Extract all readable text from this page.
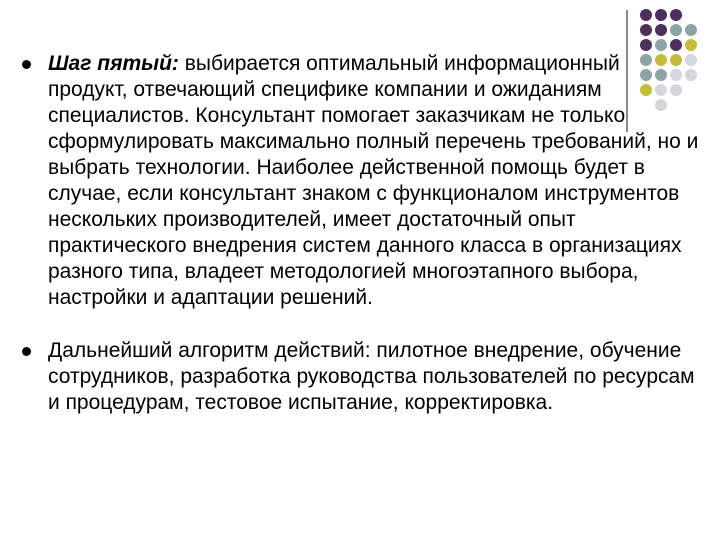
Шаг пятый: выбирается оптимальный информационный продукт, отвечающий специфике компании и ожиданиям специалистов. Консультант помогает заказчикам не только сформулировать максимально полный перечень требований, но и выбрать технологии. Наиболее действенной помощь будет в случае, если консультант знаком с функционалом инструментов нескольких производителей, имеет достаточный опыт практического внедрения систем данного класса в организациях разного типа, владеет методологией многоэтапного выбора, настройки и адаптации решений.
Дальнейший алгоритм действий: пилотное внедрение, обучение сотрудников, разработка руководства пользователей по ресурсам и процедурам, тестовое испытание, корректировка.
